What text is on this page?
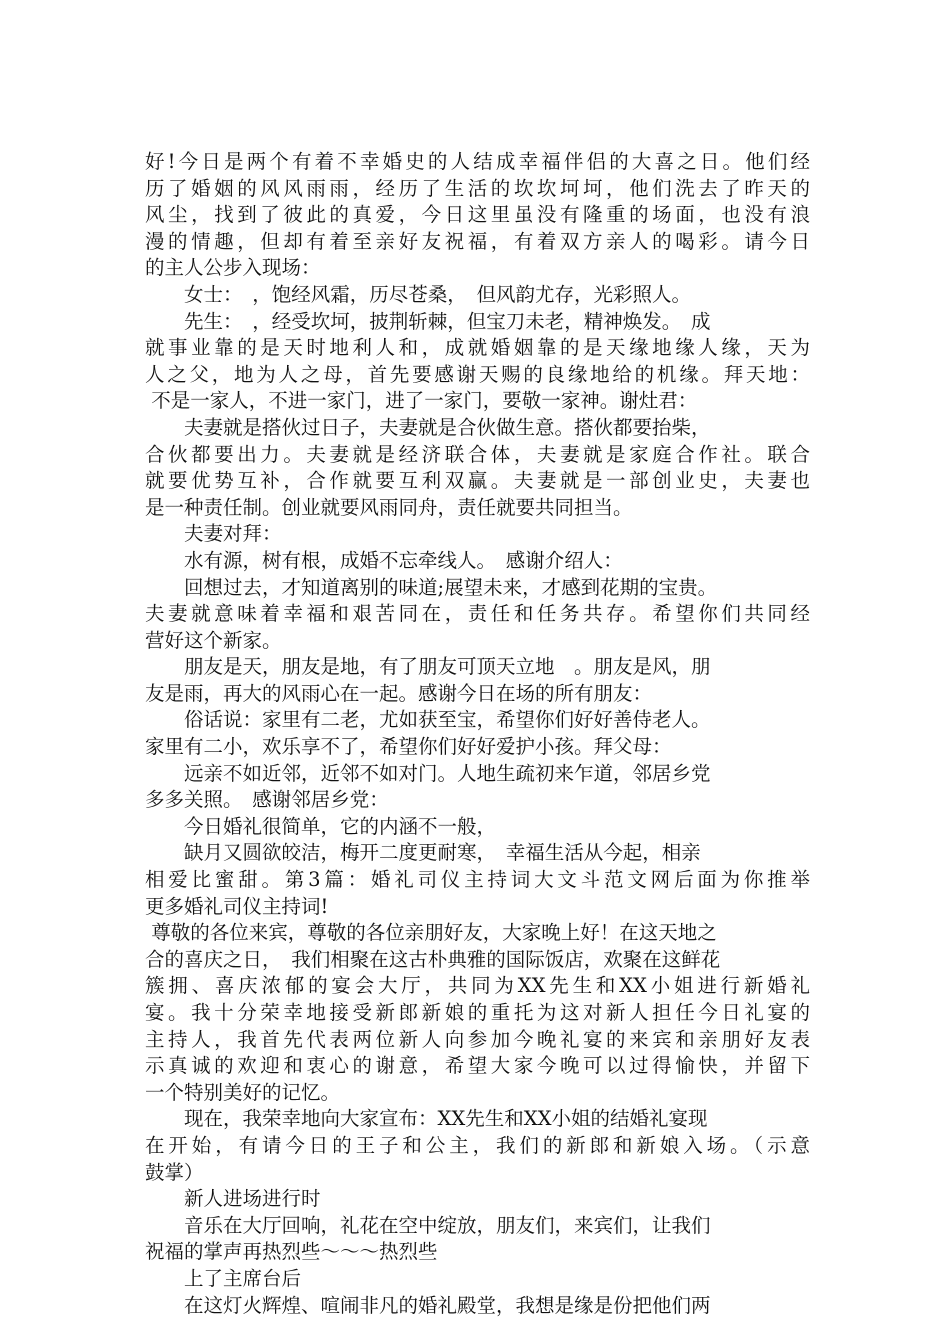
好!今日是两个有着不幸婚史的人结成幸福伴侣的大喜之日。他们经
历了婚姻的风风雨雨，经历了生活的坎坎坷坷，他们洗去了昨天的
风尘，找到了彼此的真爱，今日这里虽没有隆重的场面，也没有浪
漫的情趣，但却有着至亲好友祝福，有着双方亲人的喝彩。请今日
的主人公步入现场：
　　女士：　，饱经风霜，历尽苍桑，　但风韵尤存，光彩照人。
　　先生：　，经受坎坷，披荆斩棘，但宝刀未老，精神焕发。　成
就事业靠的是天时地利人和，成就婚姻靠的是天缘地缘人缘，天为
人之父，地为人之母，首先要感谢天赐的良缘地给的机缘。拜天地：
不是一家人，不进一家门，进了一家门，要敬一家神。谢灶君：
　　夫妻就是搭伙过日子，夫妻就是合伙做生意。搭伙都要抬柴，
合伙都要出力。夫妻就是经济联合体，夫妻就是家庭合作社。联合
就要优势互补，合作就要互利双赢。夫妻就是一部创业史，夫妻也
是一种责任制。创业就要风雨同舟，责任就要共同担当。
　　夫妻对拜：
　　水有源，树有根，成婚不忘牵线人。　感谢介绍人：
　　回想过去，才知道离别的味道;展望未来，才感到花期的宝贵。
夫妻就意味着幸福和艰苦同在，责任和任务共存。希望你们共同经
营好这个新家。
　　朋友是天，朋友是地，有了朋友可顶天立地　。朋友是风，朋
友是雨，再大的风雨心在一起。感谢今日在场的所有朋友：
　　俗话说：家里有二老，尤如获至宝，希望你们好好善侍老人。
家里有二小，欢乐享不了，希望你们好好爱护小孩。拜父母：
　　远亲不如近邻，近邻不如对门。人地生疏初来乍道，邻居乡党
多多关照。　感谢邻居乡党：
　　今日婚礼很简单，它的内涵不一般，
　　缺月又圆欲皎洁，梅开二度更耐寒，　幸福生活从今起，相亲
相爱比蜜甜。第3篇：婚礼司仪主持词大文斗范文网后面为你推举
更多婚礼司仪主持词!
尊敬的各位来宾，尊敬的各位亲朋好友，大家晚上好！在这天地之
合的喜庆之日，　我们相聚在这古朴典雅的国际饭店，欢聚在这鲜花
簇拥、喜庆浓郁的宴会大厅，共同为XX先生和XX小姐进行新婚礼
宴。我十分荣幸地接受新郎新娘的重托为这对新人担任今日礼宴的
主持人，我首先代表两位新人向参加今晚礼宴的来宾和亲朋好友表
示真诚的欢迎和衷心的谢意，希望大家今晚可以过得愉快，并留下
一个特别美好的记忆。
　　现在，我荣幸地向大家宣布：XX先生和XX小姐的结婚礼宴现
在开始，有请今日的王子和公主，我们的新郎和新娘入场。（示意
鼓掌）
　　新人进场进行时
　　音乐在大厅回响，礼花在空中绽放，朋友们，来宾们，让我们
祝福的掌声再热烈些～～～热烈些
　　上了主席台后
　　在这灯火辉煌、喧闹非凡的婚礼殿堂，我想是缘是份把他们两
